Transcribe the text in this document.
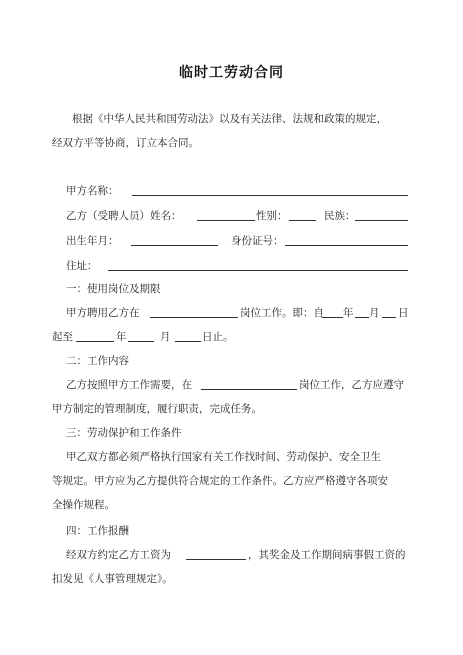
临时工劳动合同
根据《中华人民共和国劳动法》以及有关法律、法规和政策的规定，
经双方平等协商，订立本合同。
甲方名称：
乙方（受聘人员）姓名：	性别：	民族：
出生年月：	身份证号：
住址：
一：使用岗位及期限
甲方聘用乙方在	岗位工作。即：自 年 月 日
起至	年	月	日止。
二：工作内容
乙方按照甲方工作需要，在	岗位工作，乙方应遵守
甲方制定的管理制度，履行职责，完成任务。
三：劳动保护和工作条件
甲乙双方都必须严格执行国家有关工作找时间、劳动保护、安全卫生
等规定。甲方应为乙方提供符合规定的工作条件。乙方应严格遵守各项安
全操作规程。
四：工作报酬
经双方约定乙方工资为	，其奖金及工作期间病事假工资的
扣发见《人事管理规定》。
